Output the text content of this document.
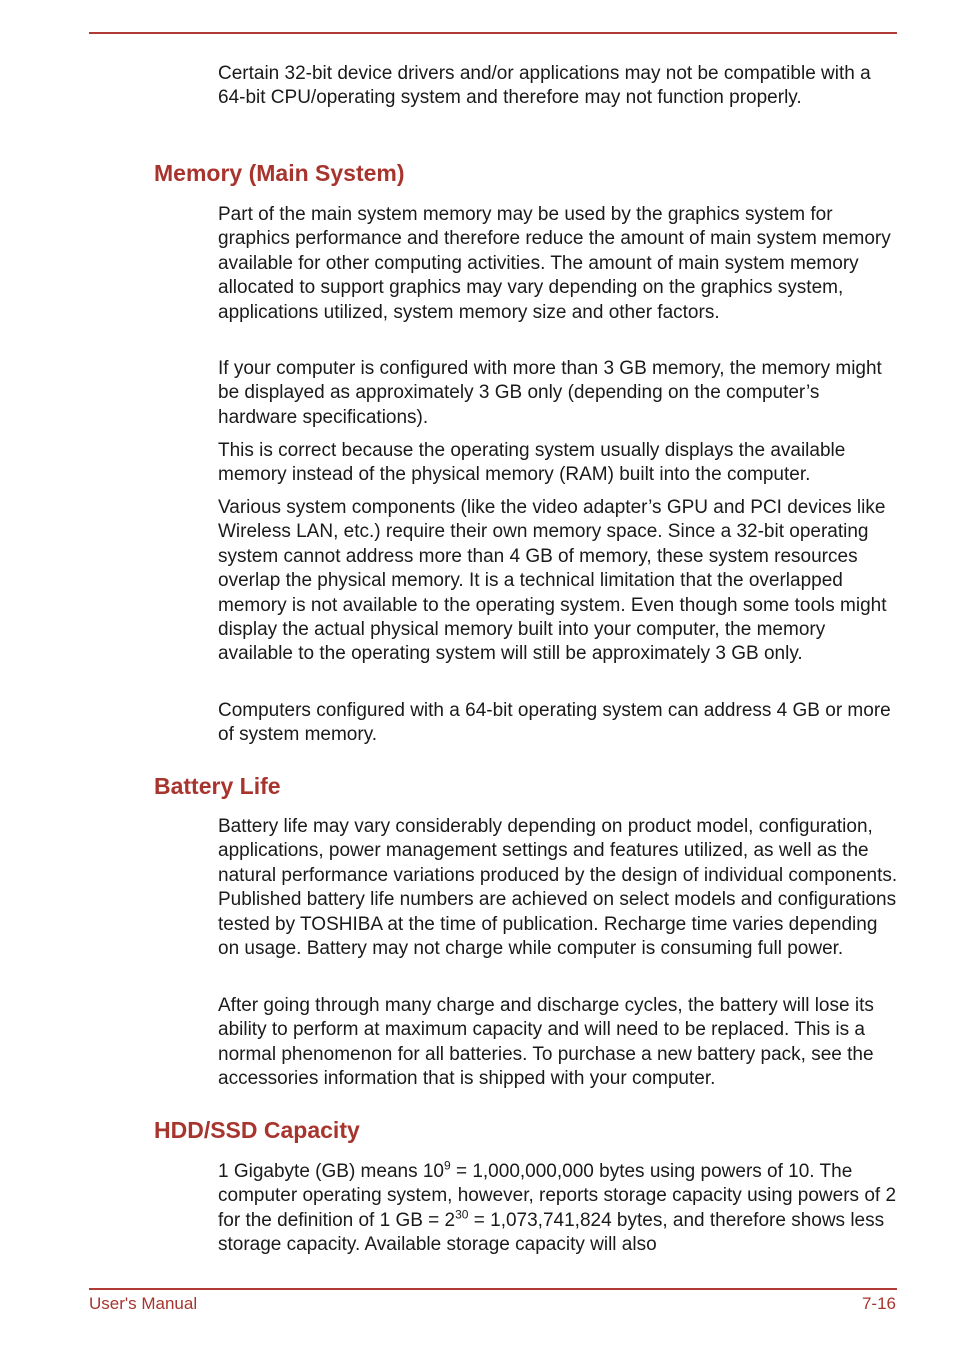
Certain 32-bit device drivers and/or applications may not be compatible with a 64-bit CPU/operating system and therefore may not function properly.

Memory (Main System)

Part of the main system memory may be used by the graphics system for graphics performance and therefore reduce the amount of main system memory available for other computing activities. The amount of main system memory allocated to support graphics may vary depending on the graphics system, applications utilized, system memory size and other factors.

If your computer is configured with more than 3 GB memory, the memory might be displayed as approximately 3 GB only (depending on the computer’s hardware specifications).

This is correct because the operating system usually displays the available memory instead of the physical memory (RAM) built into the computer.

Various system components (like the video adapter’s GPU and PCI devices like Wireless LAN, etc.) require their own memory space. Since a 32-bit operating system cannot address more than 4 GB of memory, these system resources overlap the physical memory. It is a technical limitation that the overlapped memory is not available to the operating system. Even though some tools might display the actual physical memory built into your computer, the memory available to the operating system will still be approximately 3 GB only.

Computers configured with a 64-bit operating system can address 4 GB or more of system memory.

Battery Life

Battery life may vary considerably depending on product model, configuration, applications, power management settings and features utilized, as well as the natural performance variations produced by the design of individual components. Published battery life numbers are achieved on select models and configurations tested by TOSHIBA at the time of publication. Recharge time varies depending on usage. Battery may not charge while computer is consuming full power.

After going through many charge and discharge cycles, the battery will lose its ability to perform at maximum capacity and will need to be replaced. This is a normal phenomenon for all batteries. To purchase a new battery pack, see the accessories information that is shipped with your computer.

HDD/SSD Capacity

1 Gigabyte (GB) means $10^9 = 1,000,000,000$ bytes using powers of 10. The computer operating system, however, reports storage capacity using powers of 2 for the definition of 1 GB = $2^{30} = 1,073,741,824$ bytes, and therefore shows less storage capacity. Available storage capacity will also

User's Manual	7-16
